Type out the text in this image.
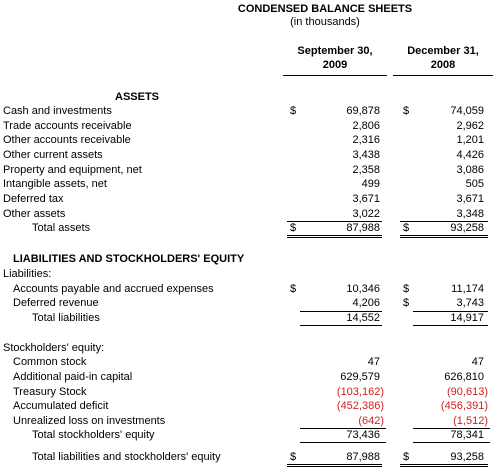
CONDENSED BALANCE SHEETS
(in thousands)
September 30,
2009
December 31,
2008
ASSETS
Cash and investments	$	69,878 $	74,059
Trade accounts receivable	2,806	2,962
Other accounts receivable	2,316	1,201
Other current assets	3,438	4,426
Property and equipment, net	2,358	3,086
Intangible assets, net	499	505
Deferred tax	3,671	3,671
Other assets	3,022	3,348
Total assets	$	87,988 $	93,258
LIABILITIES AND STOCKHOLDERS' EQUITY
Liabilities:
Accounts payable and accrued expenses	$	10,346 $	11,174
Deferred revenue	4,206 $	3,743
Total liabilities	14,552	14,917
Stockholders' equity:
Common stock	47	47
Additional paid-in capital	629,579	626,810
Treasury Stock	(103,162)	(90,613)
Accumulated deficit	(452,386)	(456,391)
Unrealized loss on investments	(642)	(1,512)
Total stockholders' equity	73,436	78,341
Total liabilities and stockholders' equity	$	87,988 $	93,258
